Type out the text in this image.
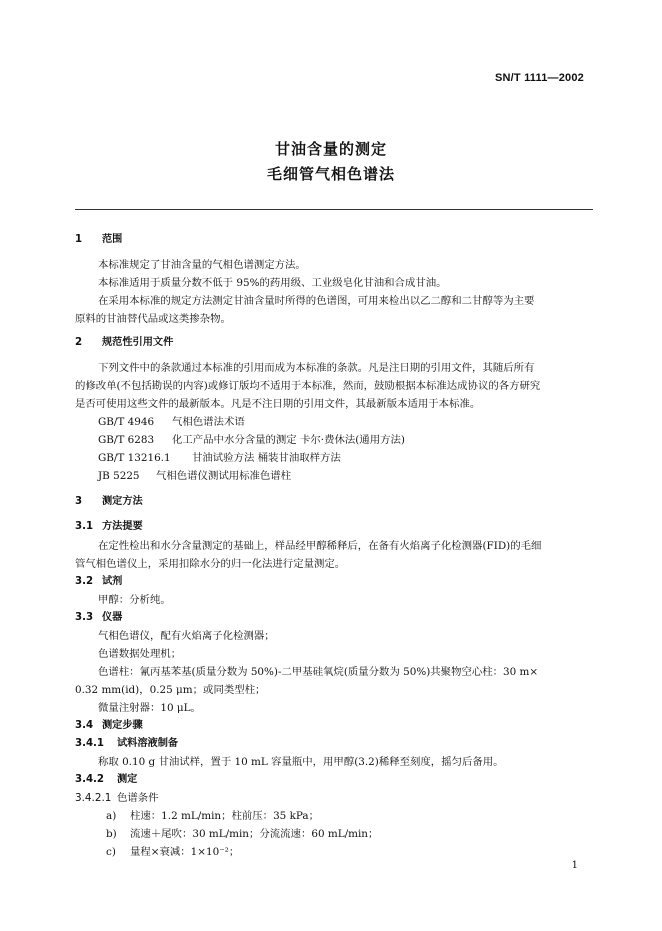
SN/T 1111—2002
甘油含量的测定
毛细管气相色谱法
1 范围
本标准规定了甘油含量的气相色谱测定方法。
本标准适用于质量分数不低于 95%的药用级、工业级皂化甘油和合成甘油。
在采用本标准的规定方法测定甘油含量时所得的色谱图，可用来检出以乙二醇和二甘醇等为主要
原料的甘油替代品或这类掺杂物。
2 规范性引用文件
下列文件中的条款通过本标准的引用而成为本标准的条款。凡是注日期的引用文件，其随后所有
的修改单(不包括勘误的内容)或修订版均不适用于本标准，然而，鼓励根据本标准达成协议的各方研究
是否可使用这些文件的最新版本。凡是不注日期的引用文件，其最新版本适用于本标准。
GB/T 4946 气相色谱法术语
GB/T 6283 化工产品中水分含量的测定 卡尔·费休法(通用方法)
GB/T 13216.1 甘油试验方法 桶装甘油取样方法
JB 5225 气相色谱仪测试用标准色谱柱
3 测定方法
3.1 方法提要
在定性检出和水分含量测定的基础上，样品经甲醇稀释后，在备有火焰离子化检测器(FID)的毛细
管气相色谱仪上，采用扣除水分的归一化法进行定量测定。
3.2 试剂
甲醇：分析纯。
3.3 仪器
气相色谱仪，配有火焰离子化检测器；
色谱数据处理机；
色谱柱：氰丙基苯基(质量分数为 50%)-二甲基硅氧烷(质量分数为 50%)共聚物空心柱：30 m×
0.32 mm(id)，0.25 μm；或同类型柱；
微量注射器：10 μL。
3.4 测定步骤
3.4.1 试料溶液制备
称取 0.10 g 甘油试样，置于 10 mL 容量瓶中，用甲醇(3.2)稀释至刻度，摇匀后备用。
3.4.2 测定
3.4.2.1 色谱条件
a) 柱速：1.2 mL/min；柱前压：35 kPa；
b) 流速＋尾吹：30 mL/min；分流流速：60 mL/min；
c) 量程×衰减：1×10⁻²；
1
